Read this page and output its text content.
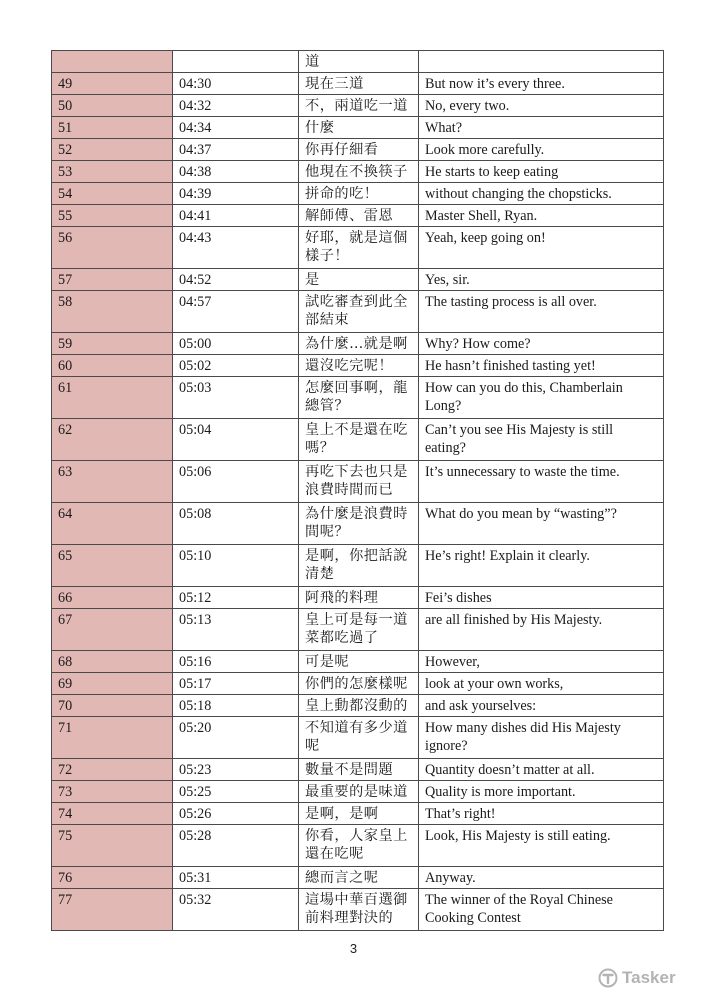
		道	
49	04:30	現在三道	But now it’s every three.
50	04:32	不，兩道吃一道	No, every two.
51	04:34	什麼	What?
52	04:37	你再仔細看	Look more carefully.
53	04:38	他現在不換筷子	He starts to keep eating
54	04:39	拼命的吃！	without changing the chopsticks.
55	04:41	解師傅、雷恩	Master Shell, Ryan.
56	04:43	好耶，就是這個樣子！	Yeah, keep going on!
57	04:52	是	Yes, sir.
58	04:57	試吃審查到此全部結束	The tasting process is all over.
59	05:00	為什麼…就是啊	Why? How come?
60	05:02	還沒吃完呢！	He hasn’t finished tasting yet!
61	05:03	怎麼回事啊，龍總管？	How can you do this, Chamberlain Long?
62	05:04	皇上不是還在吃嗎？	Can’t you see His Majesty is still eating?
63	05:06	再吃下去也只是浪費時間而已	It’s unnecessary to waste the time.
64	05:08	為什麼是浪費時間呢？	What do you mean by “wasting”?
65	05:10	是啊，你把話說清楚	He’s right! Explain it clearly.
66	05:12	阿飛的料理	Fei’s dishes
67	05:13	皇上可是每一道菜都吃過了	are all finished by His Majesty.
68	05:16	可是呢	However,
69	05:17	你們的怎麼樣呢	look at your own works,
70	05:18	皇上動都沒動的	and ask yourselves:
71	05:20	不知道有多少道呢	How many dishes did His Majesty ignore?
72	05:23	數量不是問題	Quantity doesn’t matter at all.
73	05:25	最重要的是味道	Quality is more important.
74	05:26	是啊，是啊	That’s right!
75	05:28	你看，人家皇上還在吃呢	Look, His Majesty is still eating.
76	05:31	總而言之呢	Anyway.
77	05:32	這場中華百選御前料理對決的	The winner of the Royal Chinese Cooking Contest
3
Tasker
